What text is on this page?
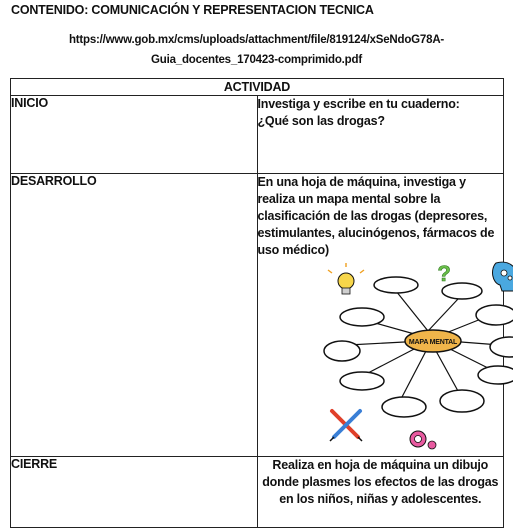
CONTENIDO: COMUNICACIÓN Y REPRESENTACION TECNICA
https://www.gob.mx/cms/uploads/attachment/file/819124/xSeNdoG78A-
Guia_docentes_170423-comprimido.pdf
ACTIVIDAD	
INICIO	Investiga y escribe en tu cuaderno:
¿Qué son las drogas?

DESARROLLO	En una hoja de máquina, investiga y realiza un mapa mental sobre la clasificación de las drogas (depresores, estimulantes, alucinógenos, fármacos de uso médico)
MAPA MENTAL
?

CIERRE	Realiza en hoja de máquina un dibujo donde plasmes los efectos de las drogas en los niños, niñas y adolescentes.
